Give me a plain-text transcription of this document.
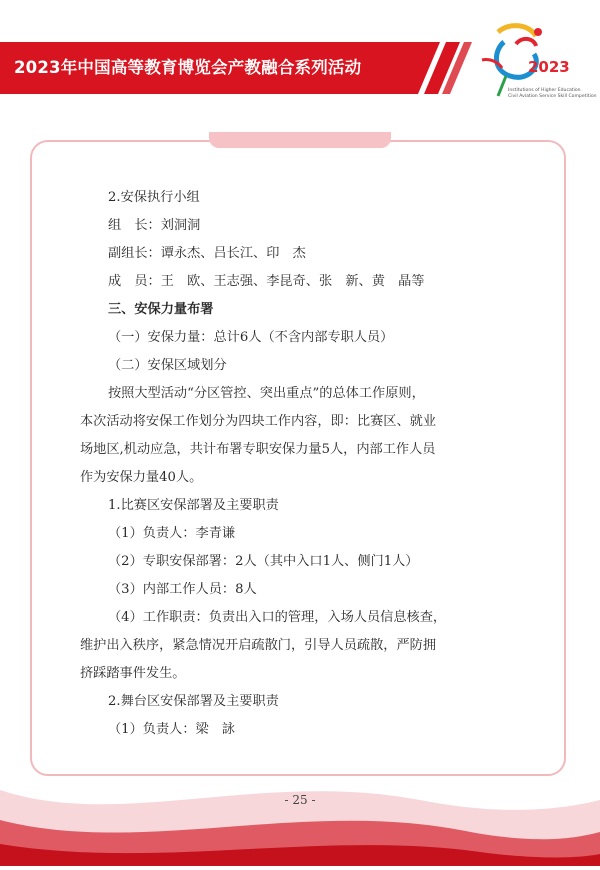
2023年中国高等教育博览会产教融合系列活动	2023
Institutions of Higher Education
Civil Aviation Service Skill Competition
2.安保执行小组
组　长：刘洞洞
副组长：谭永杰、吕长江、印　杰
成　员：王　欧、王志强、李昆奇、张　新、黄　晶等
三、安保力量布署
（一）安保力量：总计6人（不含内部专职人员）
（二）安保区域划分
按照大型活动“分区管控、突出重点”的总体工作原则，
本次活动将安保工作划分为四块工作内容，即：比赛区、就业
场地区,机动应急，共计布署专职安保力量5人，内部工作人员
作为安保力量40人。
1.比赛区安保部署及主要职责
（1）负责人：李青谦
（2）专职安保部署：2人（其中入口1人、侧门1人）
（3）内部工作人员：8人
（4）工作职责：负责出入口的管理，入场人员信息核查，
维护出入秩序，紧急情况开启疏散门，引导人员疏散，严防拥
挤踩踏事件发生。
2.舞台区安保部署及主要职责
（1）负责人：梁　詠
- 25 -
